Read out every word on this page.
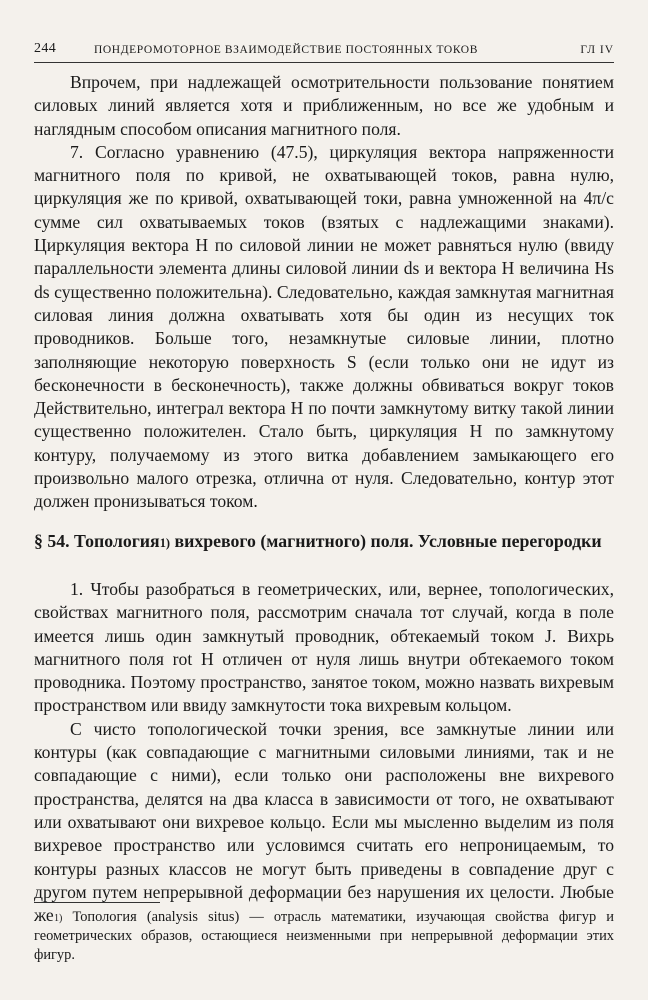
244	ПОНДЕРОМОТОРНОЕ ВЗАИМОДЕЙСТВИЕ ПОСТОЯННЫХ ТОКОВ	ГЛ IV

Впрочем, при надлежащей осмотрительности пользование понятием силовых линий является хотя и приближенным, но все же удобным и наглядным способом описания магнитного поля.

7. Согласно уравнению (47.5), циркуляция вектора напряженности магнитного поля по кривой, не охватывающей токов, равна нулю, циркуляция же по кривой, охватывающей токи, равна умноженной на 4π/c сумме сил охватываемых токов (взятых с надлежащими знаками). Циркуляция вектора H по силовой линии не может равняться нулю (ввиду параллельности элемента длины силовой линии ds и вектора H величина Hs ds существенно положительна). Следовательно, каждая замкнутая магнитная силовая линия должна охватывать хотя бы один из несущих ток проводников. Больше того, незамкнутые силовые линии, плотно заполняющие некоторую поверхность S (если только они не идут из бесконечности в бесконечность), также должны обвиваться вокруг токов Действительно, интеграл вектора H по почти замкнутому витку такой линии существенно положителен. Стало быть, циркуляция H по замкнутому контуру, получаемому из этого витка добавлением замыкающего его произвольно малого отрезка, отлична от нуля. Следовательно, контур этот должен пронизываться током.

§ 54. Топология$^{1)}$ вихревого (магнитного) поля. Условные перегородки

1. Чтобы разобраться в геометрических, или, вернее, топологических, свойствах магнитного поля, рассмотрим сначала тот случай, когда в поле имеется лишь один замкнутый проводник, обтекаемый током J. Вихрь магнитного поля rot H отличен от нуля лишь внутри обтекаемого током проводника. Поэтому пространство, занятое током, можно назвать вихревым пространством или ввиду замкнутости тока вихревым кольцом.

С чисто топологической точки зрения, все замкнутые линии или контуры (как совпадающие с магнитными силовыми линиями, так и не совпадающие с ними), если только они расположены вне вихревого пространства, делятся на два класса в зависимости от того, не охватывают или охватывают они вихревое кольцо. Если мы мысленно выделим из поля вихревое пространство или условимся считать его непроницаемым, то контуры разных классов не могут быть приведены в совпадение друг с другом путем непрерывной деформации без нарушения их целости. Любые же $^{1)}$ Топология (analysis situs) — отрасль математики, изучающая свойства фигур и геометрических образов, остающиеся неизменными при непрерывной деформации этих фигур.
